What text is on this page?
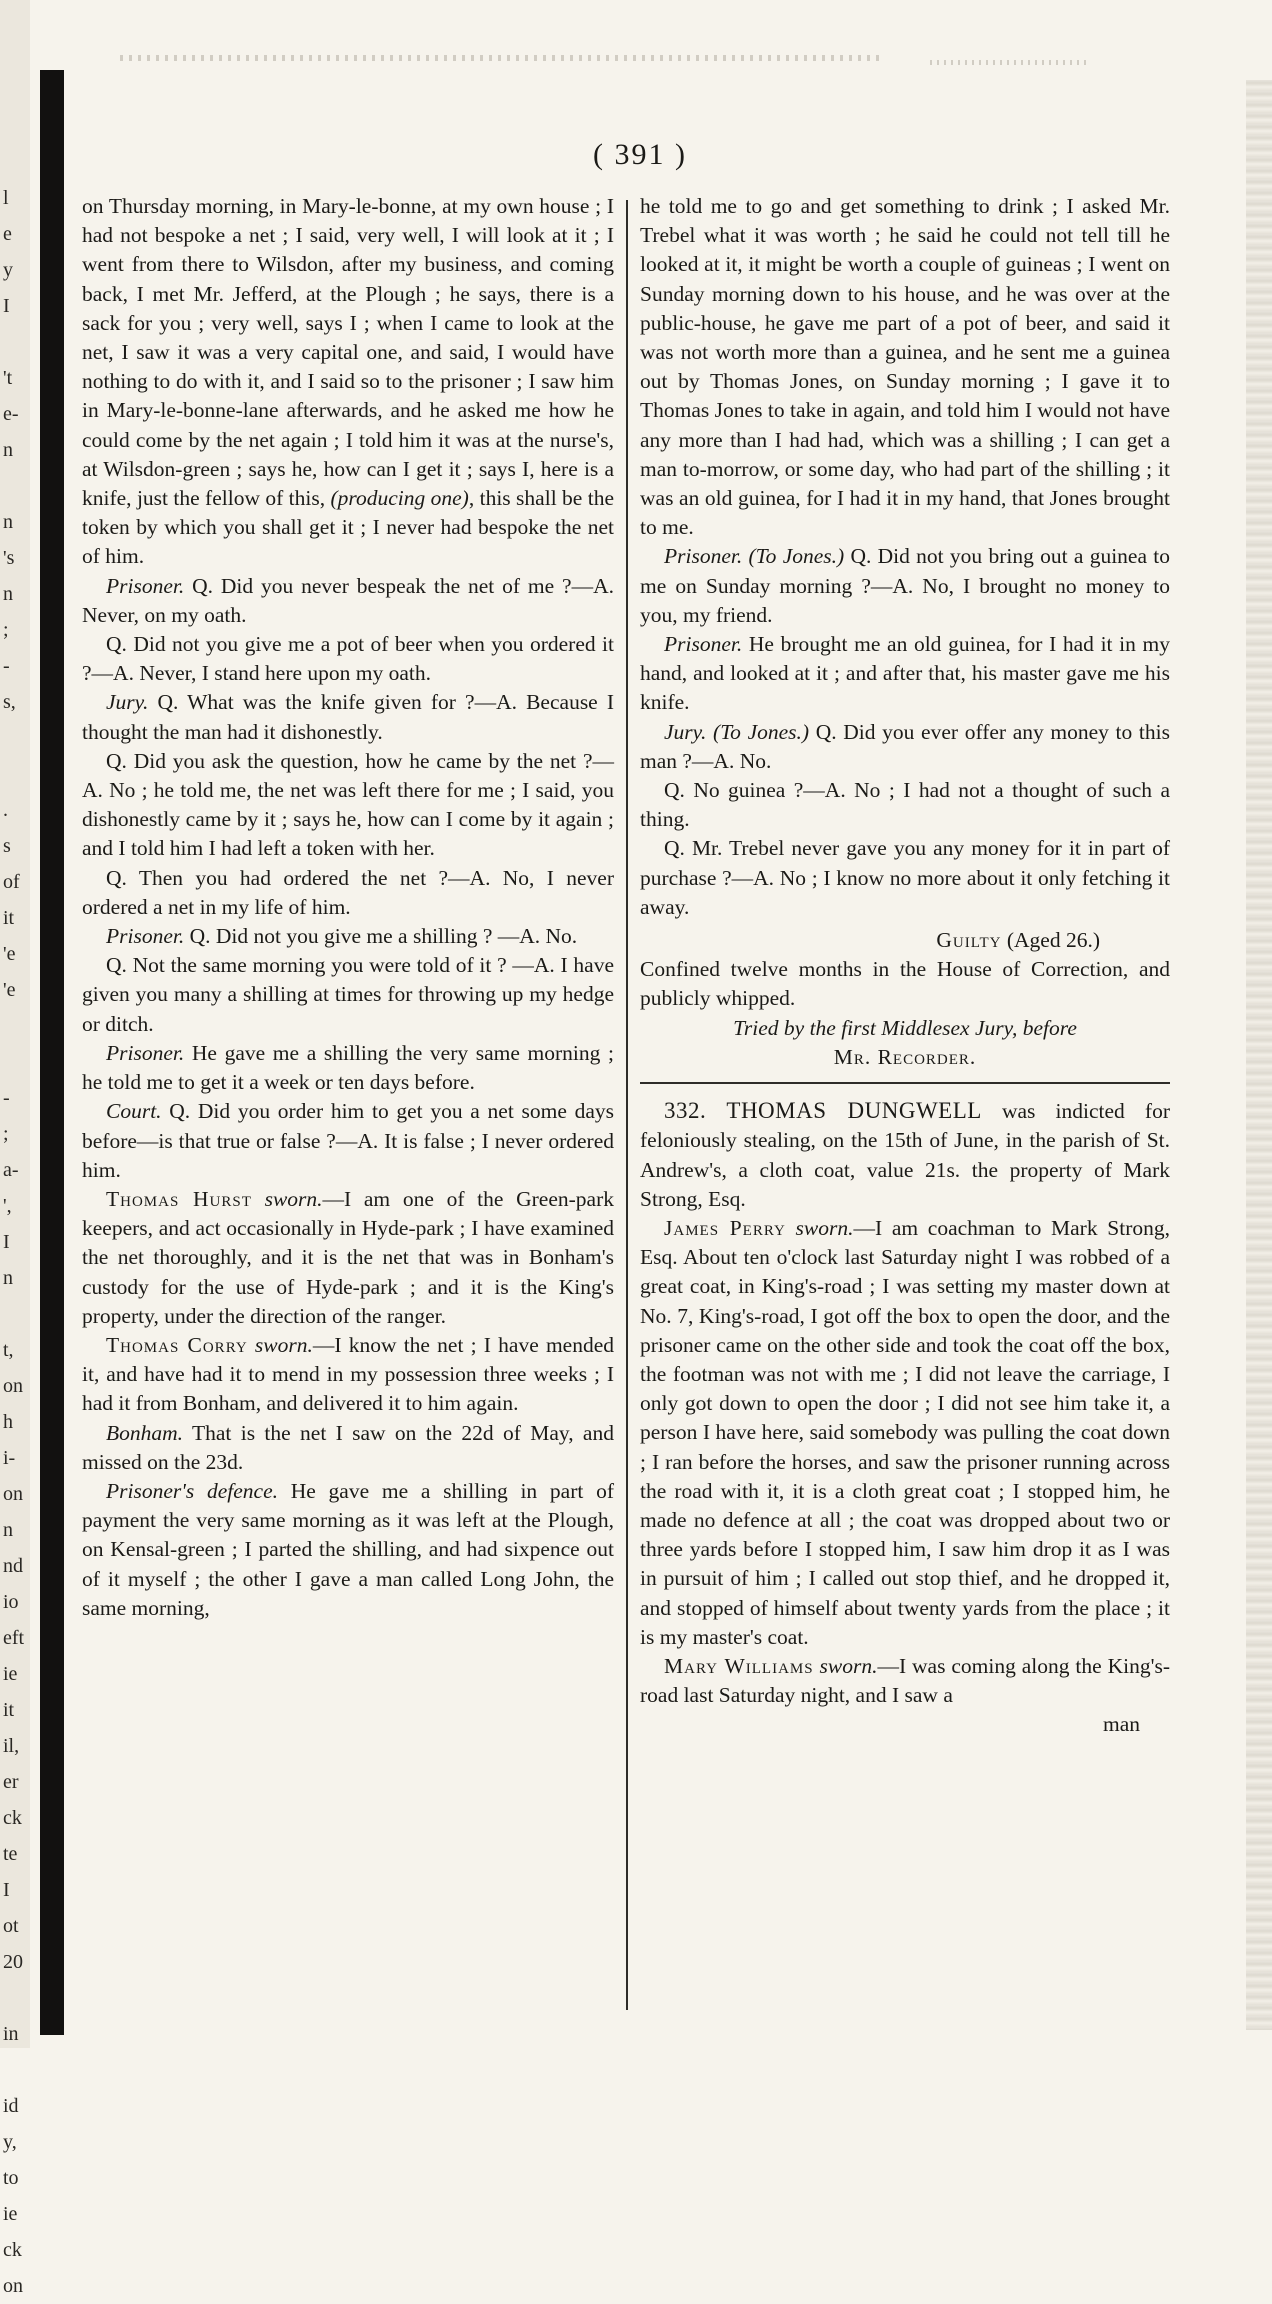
l
e
y
I
't
e-
n
n
's
n
;
-
s,
.
s
of
it
'e
'e
-
;
a-
',
I
n
t,
on
h
i-
on
n
nd
io
eft
ie
it
il,
er
ck
te
I
ot
20
in
id
y,
to
ie
ck
on
( 391 )

on Thursday morning, in Mary-le-bonne, at my own house ; I had not bespoke a net ; I said, very well, I will look at it ; I went from there to Wilsdon, after my business, and coming back, I met Mr. Jefferd, at the Plough ; he says, there is a sack for you ; very well, says I ; when I came to look at the net, I saw it was a very capital one, and said, I would have nothing to do with it, and I said so to the prisoner ; I saw him in Mary-le-bonne-lane afterwards, and he asked me how he could come by the net again ; I told him it was at the nurse's, at Wilsdon-green ; says he, how can I get it ; says I, here is a knife, just the fellow of this, (producing one), this shall be the token by which you shall get it ; I never had bespoke the net of him.

Prisoner. Q. Did you never bespeak the net of me ?—A. Never, on my oath.

Q. Did not you give me a pot of beer when you ordered it ?—A. Never, I stand here upon my oath.

Jury. Q. What was the knife given for ?—A. Because I thought the man had it dishonestly.

Q. Did you ask the question, how he came by the net ?—A. No ; he told me, the net was left there for me ; I said, you dishonestly came by it ; says he, how can I come by it again ; and I told him I had left a token with her.

Q. Then you had ordered the net ?—A. No, I never ordered a net in my life of him.

Prisoner. Q. Did not you give me a shilling ? —A. No.

Q. Not the same morning you were told of it ? —A. I have given you many a shilling at times for throwing up my hedge or ditch.

Prisoner. He gave me a shilling the very same morning ; he told me to get it a week or ten days before.

Court. Q. Did you order him to get you a net some days before—is that true or false ?—A. It is false ; I never ordered him.

Thomas Hurst sworn.—I am one of the Green-park keepers, and act occasionally in Hyde-park ; I have examined the net thoroughly, and it is the net that was in Bonham's custody for the use of Hyde-park ; and it is the King's property, under the direction of the ranger.

Thomas Corry sworn.—I know the net ; I have mended it, and have had it to mend in my possession three weeks ; I had it from Bonham, and delivered it to him again.

Bonham. That is the net I saw on the 22d of May, and missed on the 23d.

Prisoner's defence. He gave me a shilling in part of payment the very same morning as it was left at the Plough, on Kensal-green ; I parted the shilling, and had sixpence out of it myself ; the other I gave a man called Long John, the same morning,

he told me to go and get something to drink ; I asked Mr. Trebel what it was worth ; he said he could not tell till he looked at it, it might be worth a couple of guineas ; I went on Sunday morning down to his house, and he was over at the public-house, he gave me part of a pot of beer, and said it was not worth more than a guinea, and he sent me a guinea out by Thomas Jones, on Sunday morning ; I gave it to Thomas Jones to take in again, and told him I would not have any more than I had had, which was a shilling ; I can get a man to-morrow, or some day, who had part of the shilling ; it was an old guinea, for I had it in my hand, that Jones brought to me.

Prisoner. (To Jones.) Q. Did not you bring out a guinea to me on Sunday morning ?—A. No, I brought no money to you, my friend.

Prisoner. He brought me an old guinea, for I had it in my hand, and looked at it ; and after that, his master gave me his knife.

Jury. (To Jones.) Q. Did you ever offer any money to this man ?—A. No.

Q. No guinea ?—A. No ; I had not a thought of such a thing.

Q. Mr. Trebel never gave you any money for it in part of purchase ?—A. No ; I know no more about it only fetching it away.

Guilty (Aged 26.)
Confined twelve months in the House of Correction, and publicly whipped.
Tried by the first Middlesex Jury, before
Mr. Recorder.

332. THOMAS DUNGWELL was indicted for feloniously stealing, on the 15th of June, in the parish of St. Andrew's, a cloth coat, value 21s. the property of Mark Strong, Esq.

James Perry sworn.—I am coachman to Mark Strong, Esq. About ten o'clock last Saturday night I was robbed of a great coat, in King's-road ; I was setting my master down at No. 7, King's-road, I got off the box to open the door, and the prisoner came on the other side and took the coat off the box, the footman was not with me ; I did not leave the carriage, I only got down to open the door ; I did not see him take it, a person I have here, said somebody was pulling the coat down ; I ran before the horses, and saw the prisoner running across the road with it, it is a cloth great coat ; I stopped him, he made no defence at all ; the coat was dropped about two or three yards before I stopped him, I saw him drop it as I was in pursuit of him ; I called out stop thief, and he dropped it, and stopped of himself about twenty yards from the place ; it is my master's coat.

Mary Williams sworn.—I was coming along the King's-road last Saturday night, and I saw a

man
